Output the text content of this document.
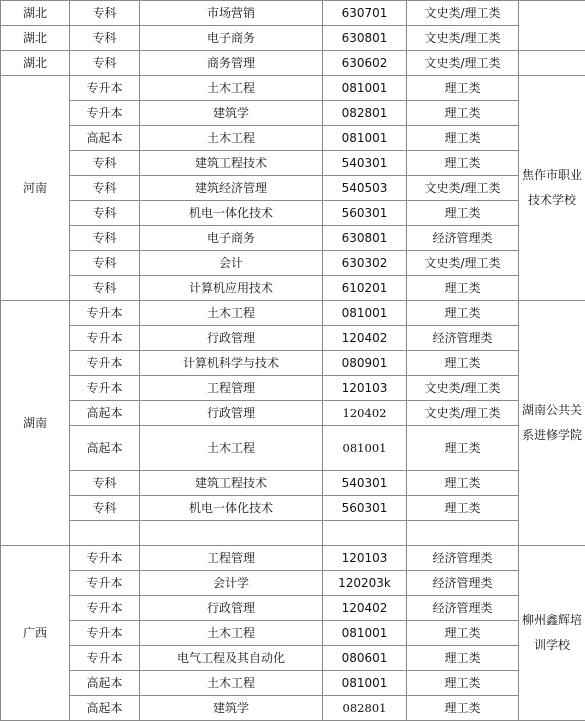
湖北	专科	市场营销	630701	文史类/理工类	
湖北	专科	电子商务	630801	文史类/理工类	
湖北	专科	商务管理	630602	文史类/理工类	
河南	专升本	土木工程	081001	理工类	焦作市职业技术学校
	专升本	建筑学	082801	理工类	
	高起本	土木工程	081001	理工类	
	专科	建筑工程技术	540301	理工类	
	专科	建筑经济管理	540503	文史类/理工类	
	专科	机电一体化技术	560301	理工类	
	专科	电子商务	630801	经济管理类	
	专科	会计	630302	文史类/理工类	
	专科	计算机应用技术	610201	理工类	
湖南	专升本	土木工程	081001	理工类	湖南公共关系进修学院
	专升本	行政管理	120402	经济管理类	
	专升本	计算机科学与技术	080901	理工类	
	专升本	工程管理	120103	文史类/理工类	
	高起本	行政管理	120402	文史类/理工类	
	高起本	土木工程	081001	理工类	
	专科	建筑工程技术	540301	理工类	
	专科	机电一体化技术	560301	理工类	

广西	专升本	工程管理	120103	经济管理类	柳州鑫辉培训学校
	专升本	会计学	120203k	经济管理类	
	专升本	行政管理	120402	经济管理类	
	专升本	土木工程	081001	理工类	
	专升本	电气工程及其自动化	080601	理工类	
	高起本	土木工程	081001	理工类	
	高起本	建筑学	082801	理工类	
